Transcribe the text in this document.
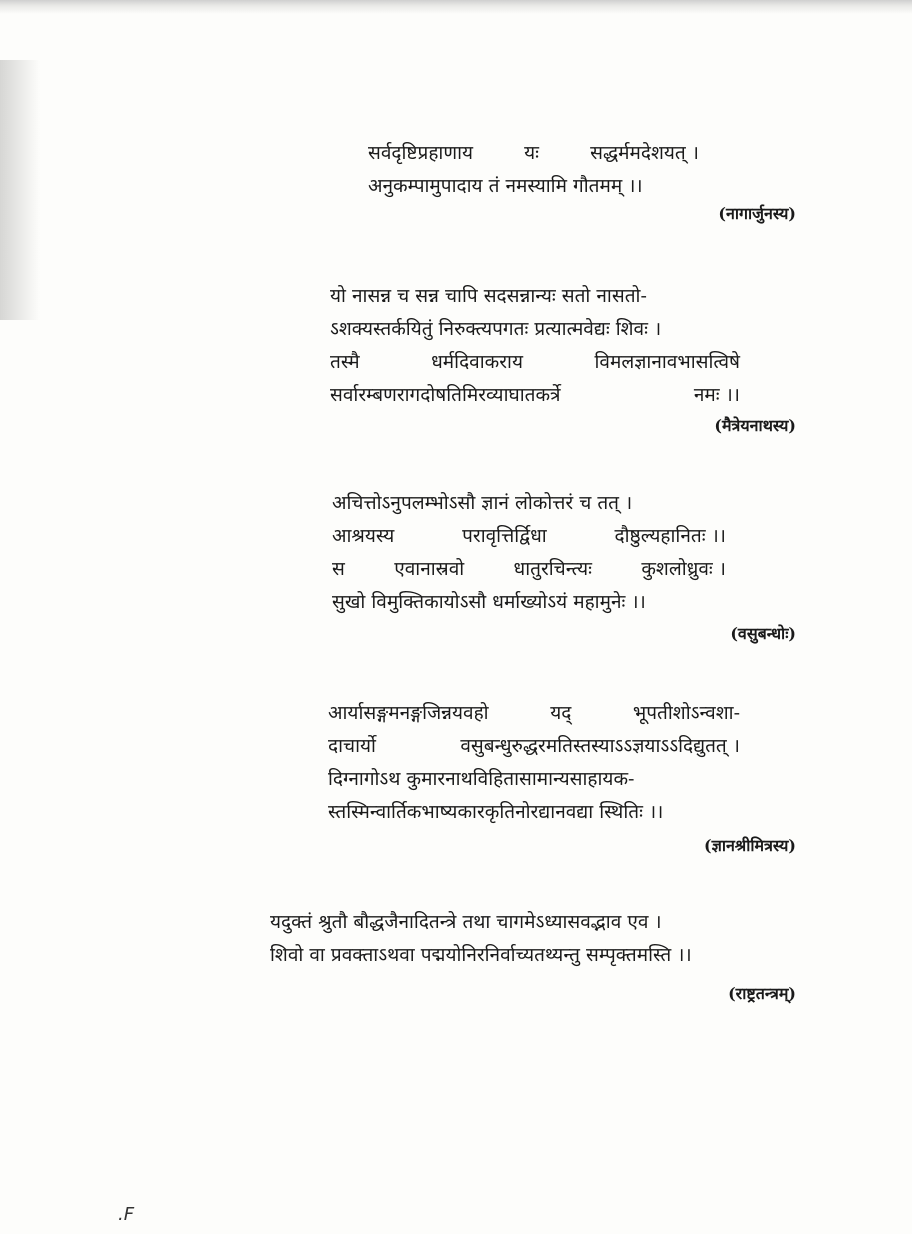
सर्वदृष्टिप्रहाणाय	यः	सद्धर्ममदेशयत् ।
अनुकम्पामुपादाय तं नमस्यामि गौतमम् ।।
(नागार्जुनस्य)
यो नासन्न च सन्न चापि सदसन्नान्यः सतो नासतो-
ऽशक्यस्तर्कयितुं निरुक्त्यपगतः प्रत्यात्मवेद्यः शिवः ।
तस्मै	धर्मदिवाकराय	विमलज्ञानावभासत्विषे
सर्वारम्बणरागदोषतिमिरव्याघातकर्त्रे	नमः ।।
(मैत्रेयनाथस्य)
अचित्तोऽनुपलम्भोऽसौ ज्ञानं लोकोत्तरं च तत् ।
आश्रयस्य	परावृत्तिर्द्विधा	दौष्ठुल्यहानितः ।।
स	एवानास्रवो	धातुरचिन्त्यः	कुशलोध्रुवः ।
सुखो विमुक्तिकायोऽसौ धर्माख्योऽयं महामुनेः ।।
(वसुबन्धोः)
आर्यासङ्गमनङ्गजिन्नयवहो	यद्	भूपतीशोऽन्वशा-
दाचार्यो	वसुबन्धुरुद्धरमतिस्तस्याऽऽज्ञयाऽऽदिद्युतत् ।
दिग्नागोऽथ कुमारनाथविहितासामान्यसाहायक-
स्तस्मिन्वार्तिकभाष्यकारकृतिनोरद्यानवद्या स्थितिः ।।
(ज्ञानश्रीमित्रस्य)
यदुक्तं श्रुतौ बौद्धजैनादितन्त्रे तथा चागमेऽध्यासवद्भाव एव ।
शिवो वा प्रवक्ताऽथवा पद्मयोनिरनिर्वाच्यतथ्यन्तु सम्पृक्तमस्ति ।।
(राष्ट्रतन्त्रम्)
.F
